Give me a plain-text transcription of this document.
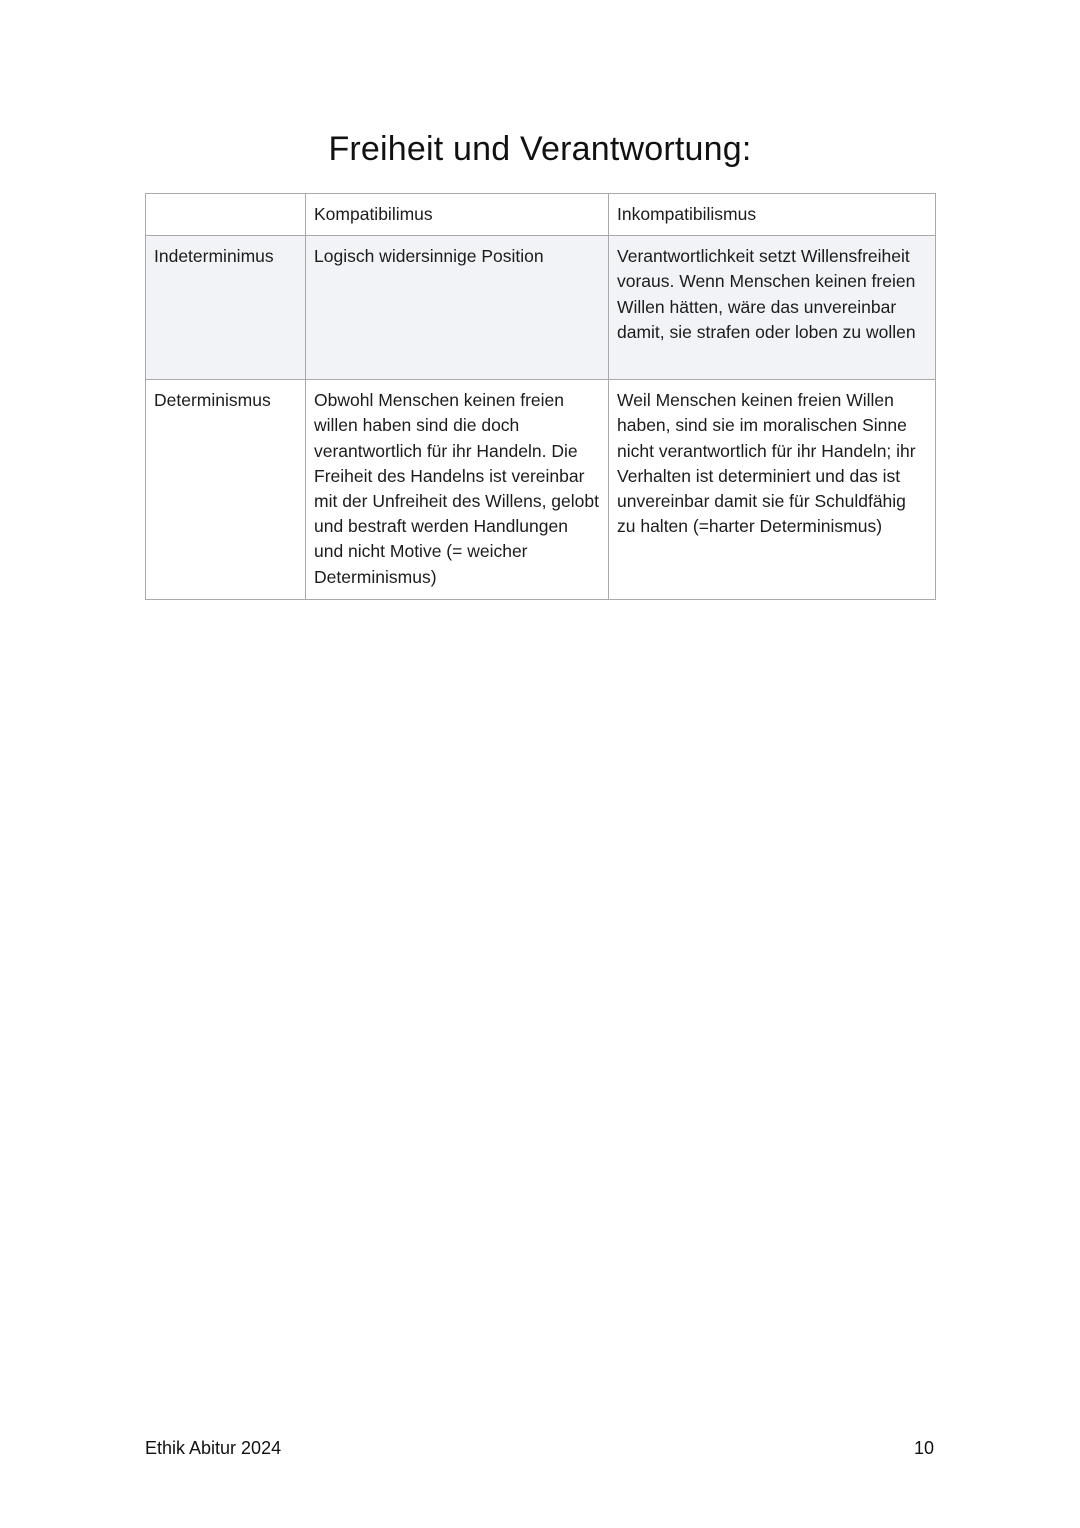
Freiheit und Verantwortung:
	Kompatibilimus	Inkompatibilismus
Indeterminimus	Logisch widersinnige Position	Verantwortlichkeit setzt Willensfreiheit voraus. Wenn Menschen keinen freien Willen hätten, wäre das unvereinbar damit, sie strafen oder loben zu wollen
Determinismus	Obwohl Menschen keinen freien willen haben sind die doch verantwortlich für ihr Handeln. Die Freiheit des Handelns ist vereinbar mit der Unfreiheit des Willens, gelobt und bestraft werden Handlungen und nicht Motive (= weicher Determinismus)	Weil Menschen keinen freien Willen haben, sind sie im moralischen Sinne nicht verantwortlich für ihr Handeln; ihr Verhalten ist determiniert und das ist unvereinbar damit sie für Schuldfähig zu halten (=harter Determinismus)
Ethik Abitur 2024	10
